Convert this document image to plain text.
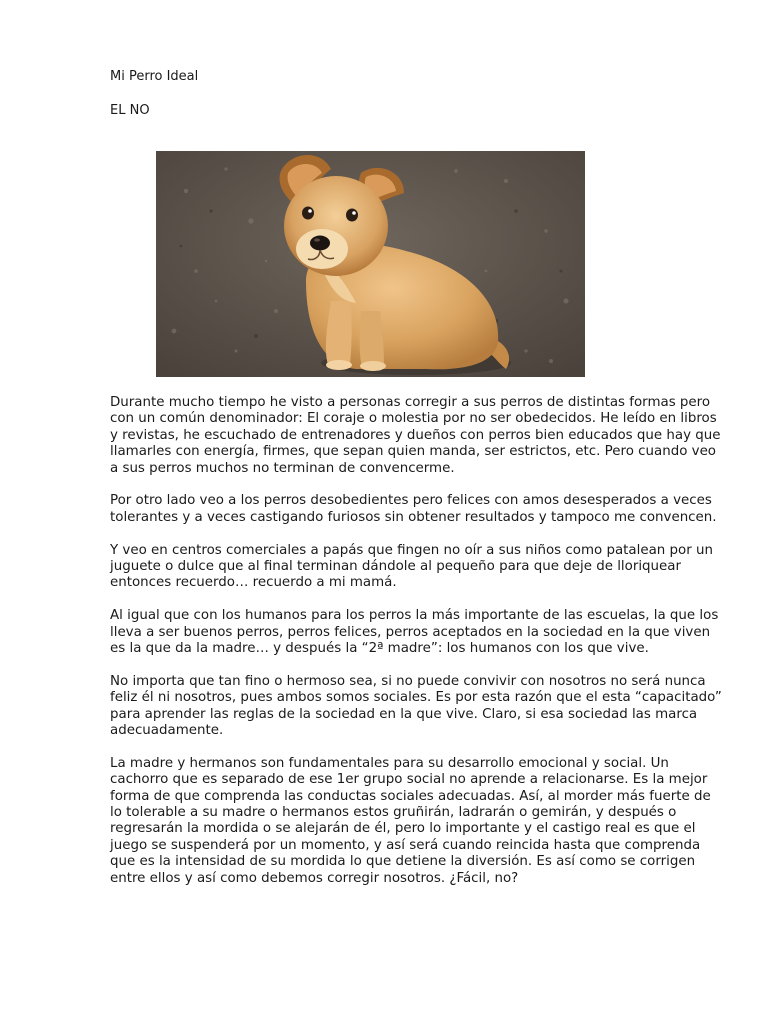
Mi Perro Ideal
EL NO

Durante mucho tiempo he visto a personas corregir a sus perros de distintas formas pero con un común denominador: El coraje o molestia por no ser obedecidos. He leído en libros y revistas, he escuchado de entrenadores y dueños con perros bien educados que hay que llamarles con energía, firmes, que sepan quien manda, ser estrictos, etc. Pero cuando veo a sus perros muchos no terminan de convencerme.

Por otro lado veo a los perros desobedientes pero felices con amos desesperados a veces tolerantes y a veces castigando furiosos sin obtener resultados y tampoco me convencen.

Y veo en centros comerciales a papás que fingen no oír a sus niños como patalean por un juguete o dulce que al final terminan dándole al pequeño para que deje de lloriquear entonces recuerdo… recuerdo a mi mamá.

Al igual que con los humanos para los perros la más importante de las escuelas, la que los lleva a ser buenos perros, perros felices, perros aceptados en la sociedad en la que viven es la que da la madre… y después la “2ª madre”: los humanos con los que vive.

No importa que tan fino o hermoso sea, si no puede convivir con nosotros no será nunca feliz él ni nosotros, pues ambos somos sociales. Es por esta razón que el esta “capacitado” para aprender las reglas de la sociedad en la que vive. Claro, si esa sociedad las marca adecuadamente.

La madre y hermanos son fundamentales para su desarrollo emocional y social. Un cachorro que es separado de ese 1er grupo social no aprende a relacionarse. Es la mejor forma de que comprenda las conductas sociales adecuadas. Así, al morder más fuerte de lo tolerable a su madre o hermanos estos gruñirán, ladrarán o gemirán, y después o regresarán la mordida o se alejarán de él, pero lo importante y el castigo real es que el juego se suspenderá por un momento, y así será cuando reincida hasta que comprenda que es la intensidad de su mordida lo que detiene la diversión. Es así como se corrigen entre ellos y así como debemos corregir nosotros. ¿Fácil, no?
